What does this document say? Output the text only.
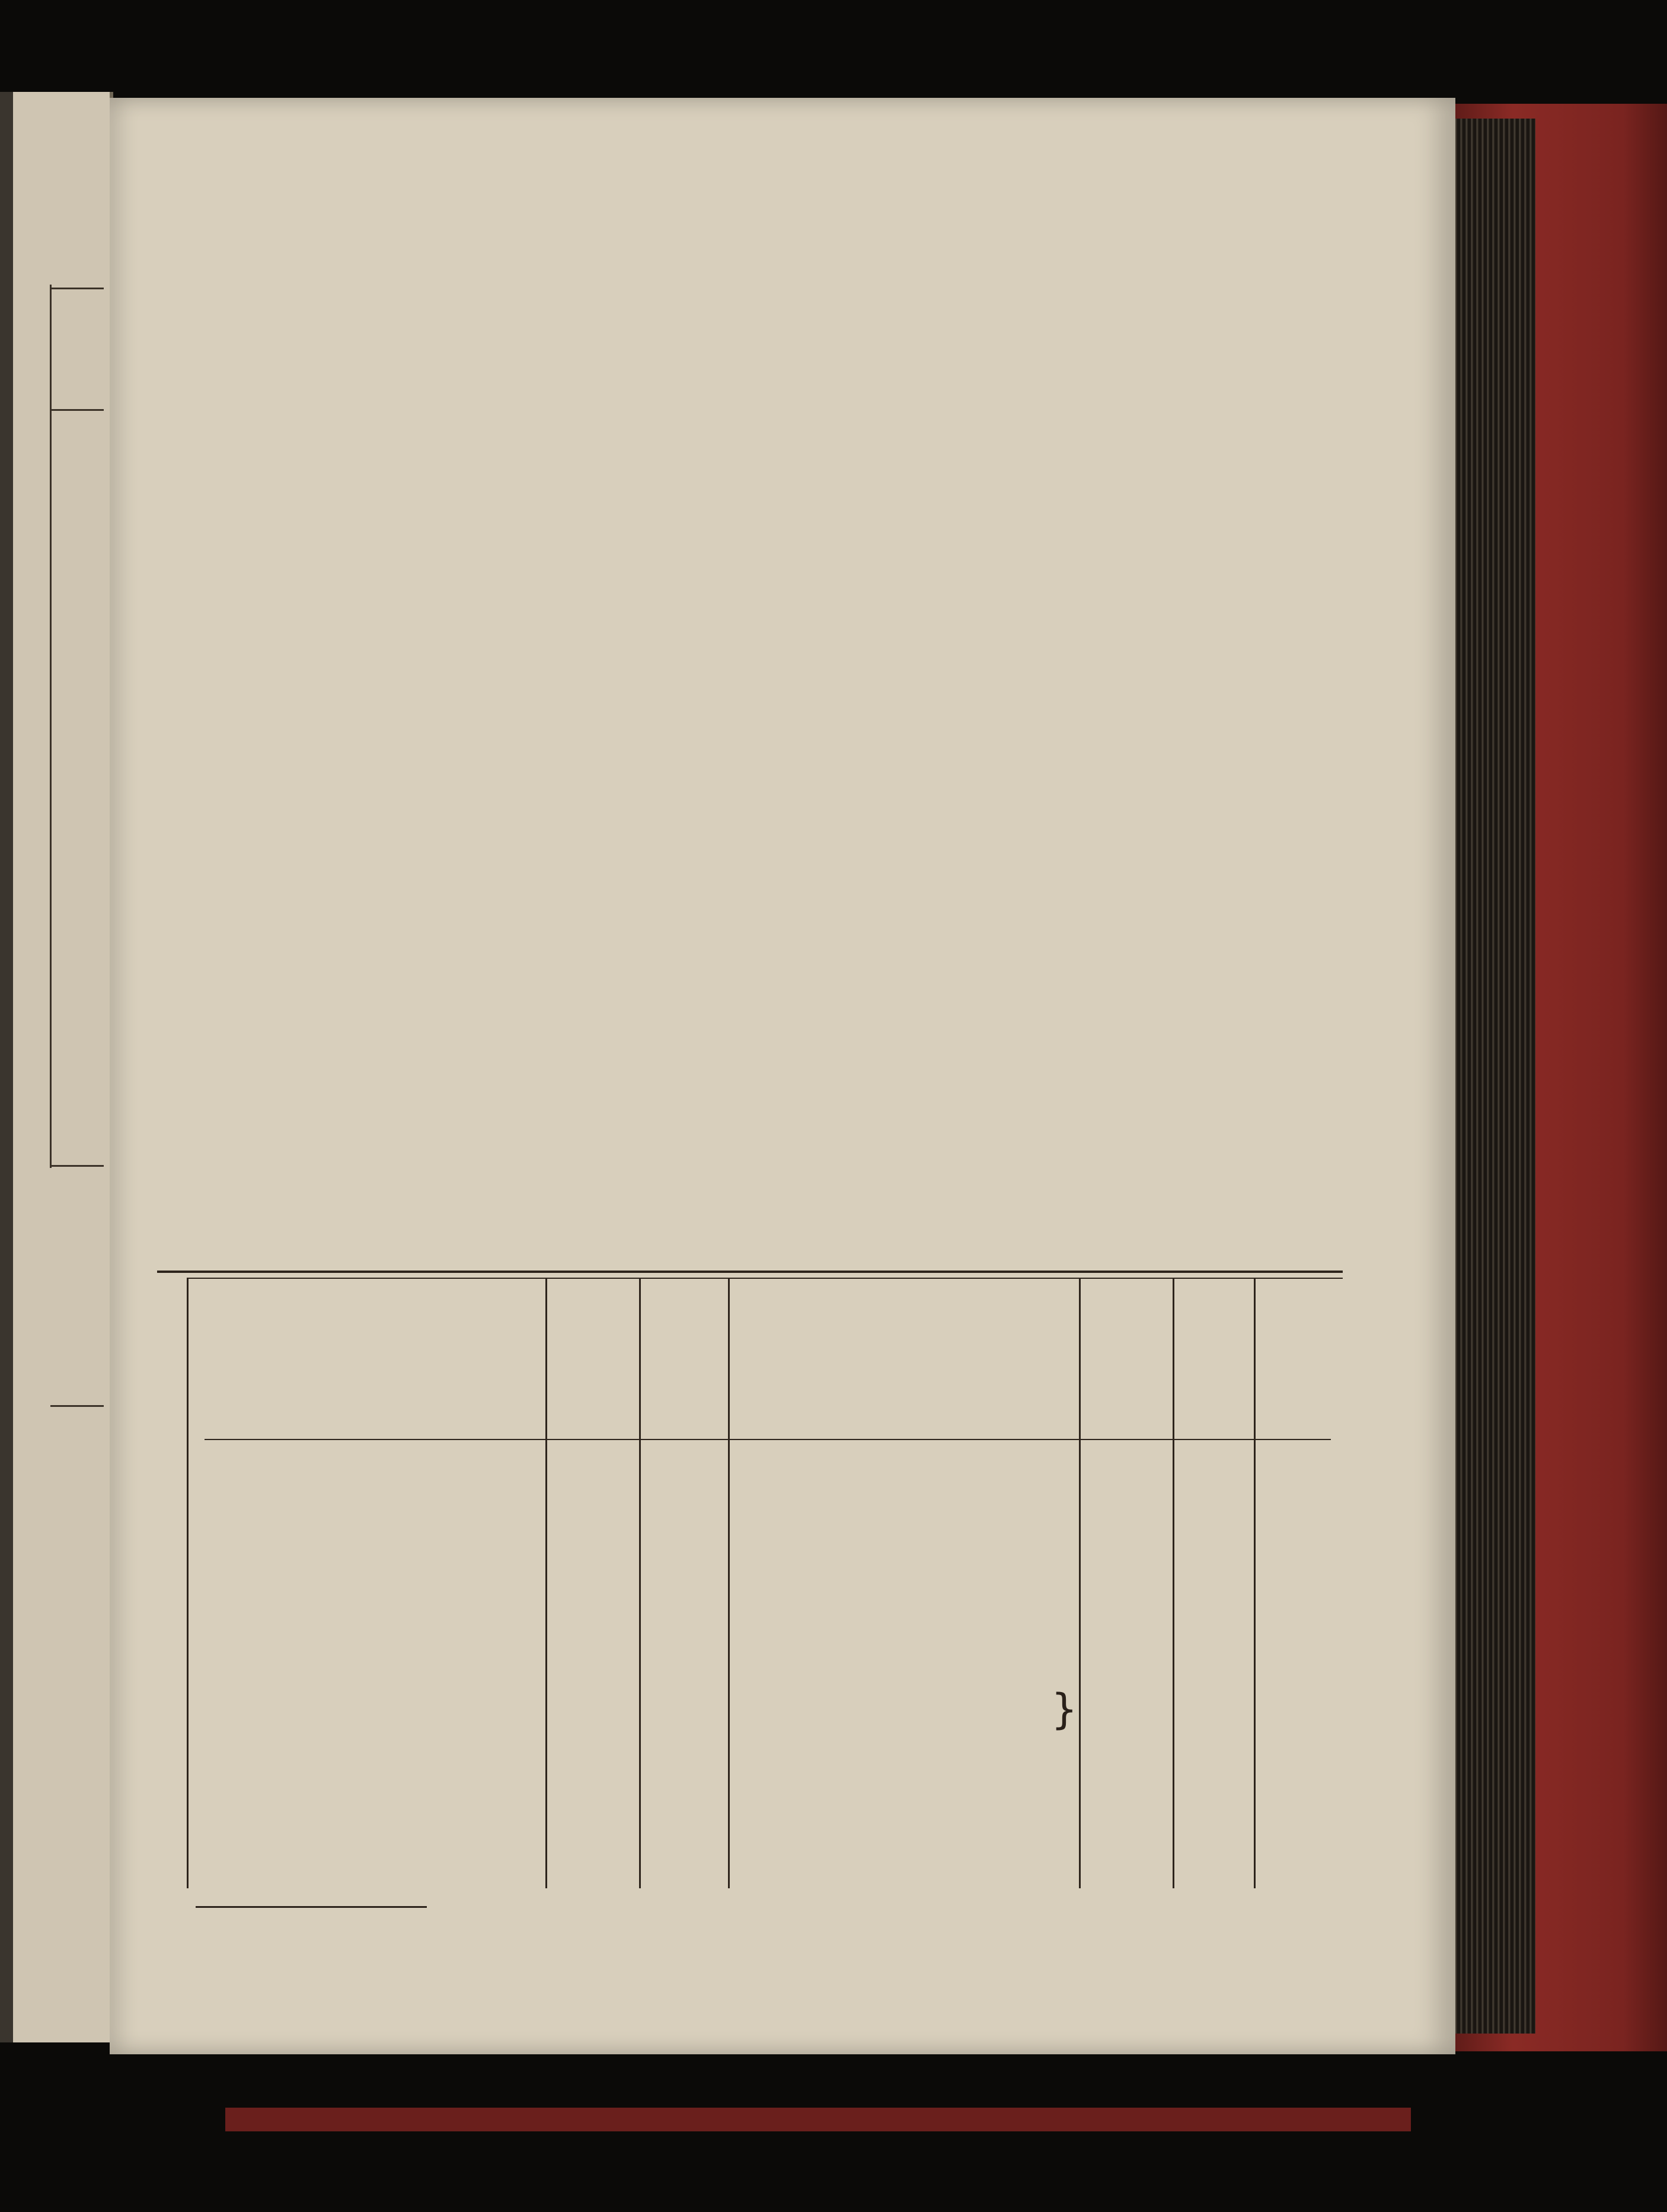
}
